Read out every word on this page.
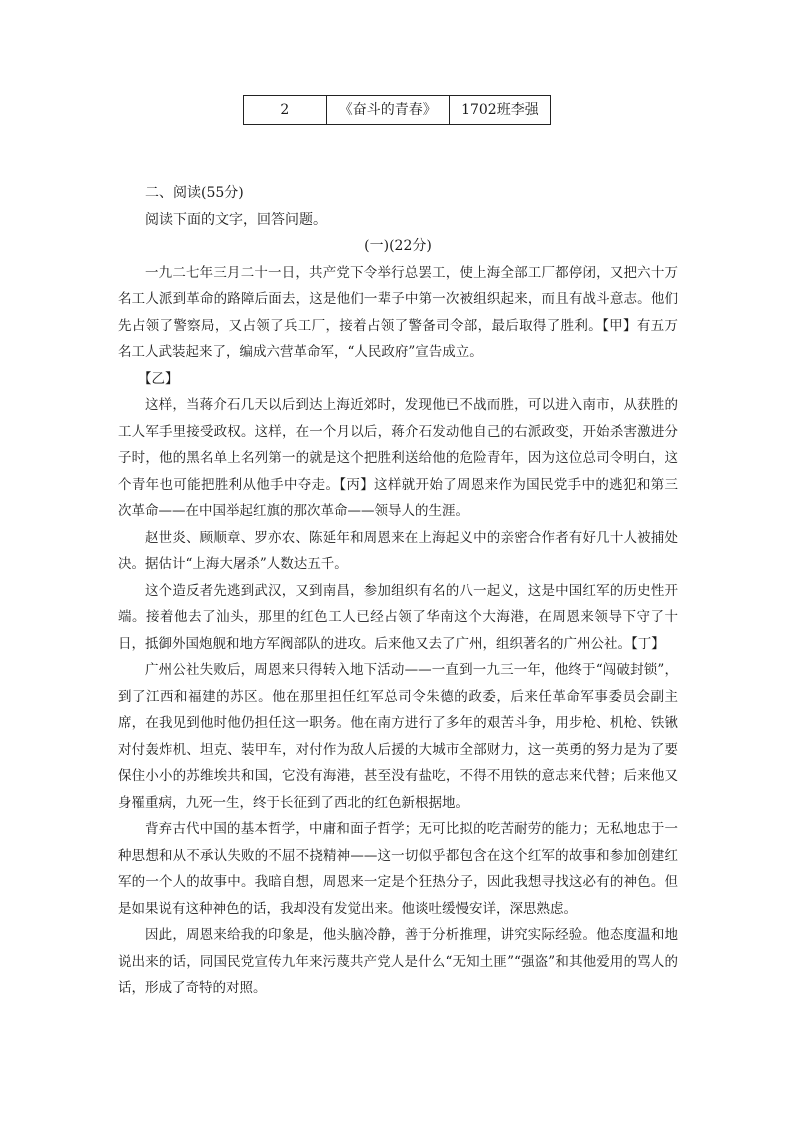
2	《奋斗的青春》	1702班李强

二、阅读(55分)

阅读下面的文字，回答问题。

(一)(22分)

一九二七年三月二十一日，共产党下令举行总罢工，使上海全部工厂都停闭，又把六十万名工人派到革命的路障后面去，这是他们一辈子中第一次被组织起来，而且有战斗意志。他们先占领了警察局，又占领了兵工厂，接着占领了警备司令部，最后取得了胜利。【甲】有五万名工人武装起来了，编成六营革命军，“人民政府”宣告成立。

【乙】

这样，当蒋介石几天以后到达上海近郊时，发现他已不战而胜，可以进入南市，从获胜的工人军手里接受政权。这样，在一个月以后，蒋介石发动他自己的右派政变，开始杀害激进分子时，他的黑名单上名列第一的就是这个把胜利送给他的危险青年，因为这位总司令明白，这个青年也可能把胜利从他手中夺走。【丙】这样就开始了周恩来作为国民党手中的逃犯和第三次革命——在中国举起红旗的那次革命——领导人的生涯。

赵世炎、顾顺章、罗亦农、陈延年和周恩来在上海起义中的亲密合作者有好几十人被捕处决。据估计“上海大屠杀”人数达五千。

这个造反者先逃到武汉，又到南昌，参加组织有名的八一起义，这是中国红军的历史性开端。接着他去了汕头，那里的红色工人已经占领了华南这个大海港，在周恩来领导下守了十日，抵御外国炮舰和地方军阀部队的进攻。后来他又去了广州，组织著名的广州公社。【丁】

广州公社失败后，周恩来只得转入地下活动——一直到一九三一年，他终于“闯破封锁”，到了江西和福建的苏区。他在那里担任红军总司令朱德的政委，后来任革命军事委员会副主席，在我见到他时他仍担任这一职务。他在南方进行了多年的艰苦斗争，用步枪、机枪、铁锹对付轰炸机、坦克、装甲车，对付作为敌人后援的大城市全部财力，这一英勇的努力是为了要保住小小的苏维埃共和国，它没有海港，甚至没有盐吃，不得不用铁的意志来代替；后来他又身罹重病，九死一生，终于长征到了西北的红色新根据地。

背弃古代中国的基本哲学，中庸和面子哲学；无可比拟的吃苦耐劳的能力；无私地忠于一种思想和从不承认失败的不屈不挠精神——这一切似乎都包含在这个红军的故事和参加创建红军的一个人的故事中。我暗自想，周恩来一定是个狂热分子，因此我想寻找这必有的神色。但是如果说有这种神色的话，我却没有发觉出来。他谈吐缓慢安详，深思熟虑。

因此，周恩来给我的印象是，他头脑冷静，善于分析推理，讲究实际经验。他态度温和地说出来的话，同国民党宣传九年来污蔑共产党人是什么“无知土匪”“强盗”和其他爱用的骂人的话，形成了奇特的对照。
